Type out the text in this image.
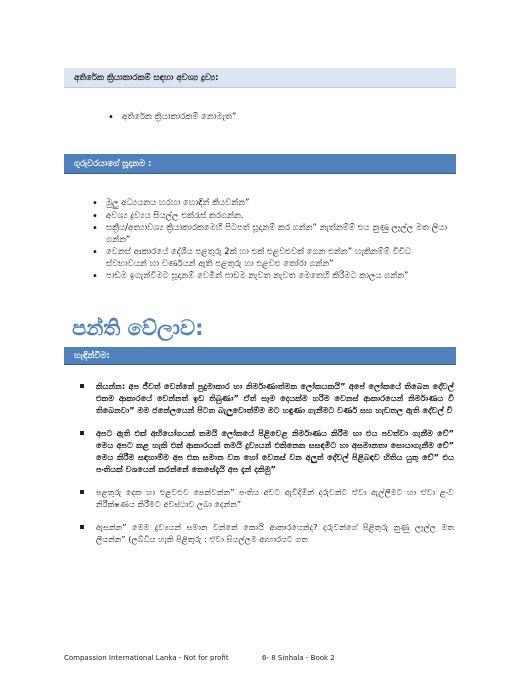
අතිරේක ක්‍රියාකාරකම් සඳහා අවශ්‍ය ද්‍රව්‍ය:
• අතිරේක ක්‍රියාකාරකම් නොමැත”
ගුරුවරයාගේ සූදානම :
• මුලු අධ්‍යයනය හරහා හොඳින් කියවන්න”
• අවශ්‍ය ද්‍රව්‍යය සියල්ල එක්රැස් කරගන්න.
• සක්‍රීය/අත්‍යාවශ්‍ය ක්‍රියාකාරකමෙහි පිටපත් සූදානම් කර ගන්න” නැත්නම්ම් එය නුණු ලෑල්ල මත ලියා ගන්න”
• වෙනස් ආකාරයේ දේශීය පළතුරු 2ක් හා එක් එළවළුවක් ගෙන එන්න” හැකිනම්ම් විවිධ ස්වභාවයන් හා වර්ණයන් ඇති පළතුරු හා එළවළු තෝරා ගන්න”
• පාඩම ඉගැන්වීමට සූදානම් වෙමින් පාඩම නැවත නැවත මෙතෙහි කිරීමට කාලය ගන්න”
පන්ති වේලාව:
හැඳින්වීම:
කියන්න: අප ජීවත් වෙන්නේ පුදුමාකාර හා නිර්මාණාත්මක ලෝකයකයි” අපේ ලෝකයේ තිබෙන දේවල් එකම ආකාරයේ වෙන්නත් ඉඩ තිබුණා” ඒත් සෑම දෙයක්ම හරිම වෙනස් ආකාරයෙන් නිර්මාණය වී තිබෙනවා” මම ජනේලයෙන් පිටත බැලුවොත්ම්ම මට හඳුණා ගැනීමට වර්ණ සහ හැඩතල ඇති දේවල් වි
අපට ඇති එක් අභියෝගයක් තමයි ලෝකයේ පිළිවෙළ නිර්මාණය කිරීම හා එය පවත්වා ගැනීම වේ” මෙය අපට කළ හැකි එක් ආකාරයක් තමයි ද්‍රව්‍යයන් එකිනෙක සසඳමිට හා අසමානතා සොයාගැනීම වේ” මෙය කිරීම සඳහාම්ම අප එක සමාන වන හෝ වෙනස් වන අලුත් දේවල් පිළිබඳව හිතිය යුතු වේ” එය පංතියක් වශයෙන් කරන්නේ කෙසේදැයි අප දැන් දකිමු”
පළතුරු දෙක හා එළවළුව පෙන්වන්න” පංතිය අවට ඇවිදිමින් දරුවන්ට ඒවා ඇල්ලීමට හා ඒවා ළංව නිරීක්ෂණය කිරීමට අවස්ථාව ලබා දෙන්න”
ඇසන්න” මෙම ද්‍රව්‍යයන් සමාන වන්නේ කොයි ආකාරයෙන්ද? දරුවන්ගේ පිළිතුරු නුණු ලෑල්ල මත ලියන්න” (ලබ්ධිය හැකි පිළිතුරු : ඒවා සියල්ලම ආහාරයට ගත
Compassion International Lanka - Not for profit	6- 8 Sinhala - Book 2
